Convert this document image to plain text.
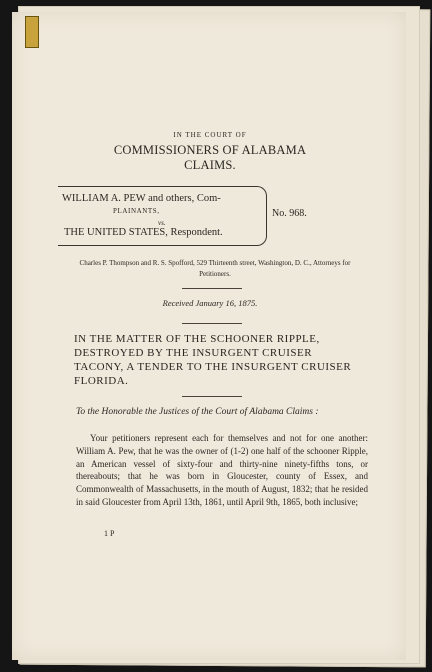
IN THE COURT OF
COMMISSIONERS OF ALABAMA CLAIMS.
WILLIAM A. PEW and others, Com-
PLAINANTS,
vs.
THE UNITED STATES, Respondent.
No. 968.
Charles P. Thompson and R. S. Spofford, 529 Thirteenth street, Washington, D. C., Attorneys for Petitioners.
Received January 16, 1875.
IN THE MATTER OF THE SCHOONER RIPPLE, DESTROYED BY THE INSURGENT CRUISER TACONY, A TENDER TO THE INSURGENT CRUISER FLORIDA.
To the Honorable the Justices of the Court of Alabama Claims :
Your petitioners represent each for themselves and not for one another: William A. Pew, that he was the owner of (1-2) one half of the schooner Ripple, an American vessel of sixty-four and thirty-nine ninety-fifths tons, or thereabouts; that he was born in Gloucester, county of Essex, and Commonwealth of Massachusetts, in the mouth of August, 1832; that he resided in said Gloucester from April 13th, 1861, until April 9th, 1865, both inclusive;
1 P
